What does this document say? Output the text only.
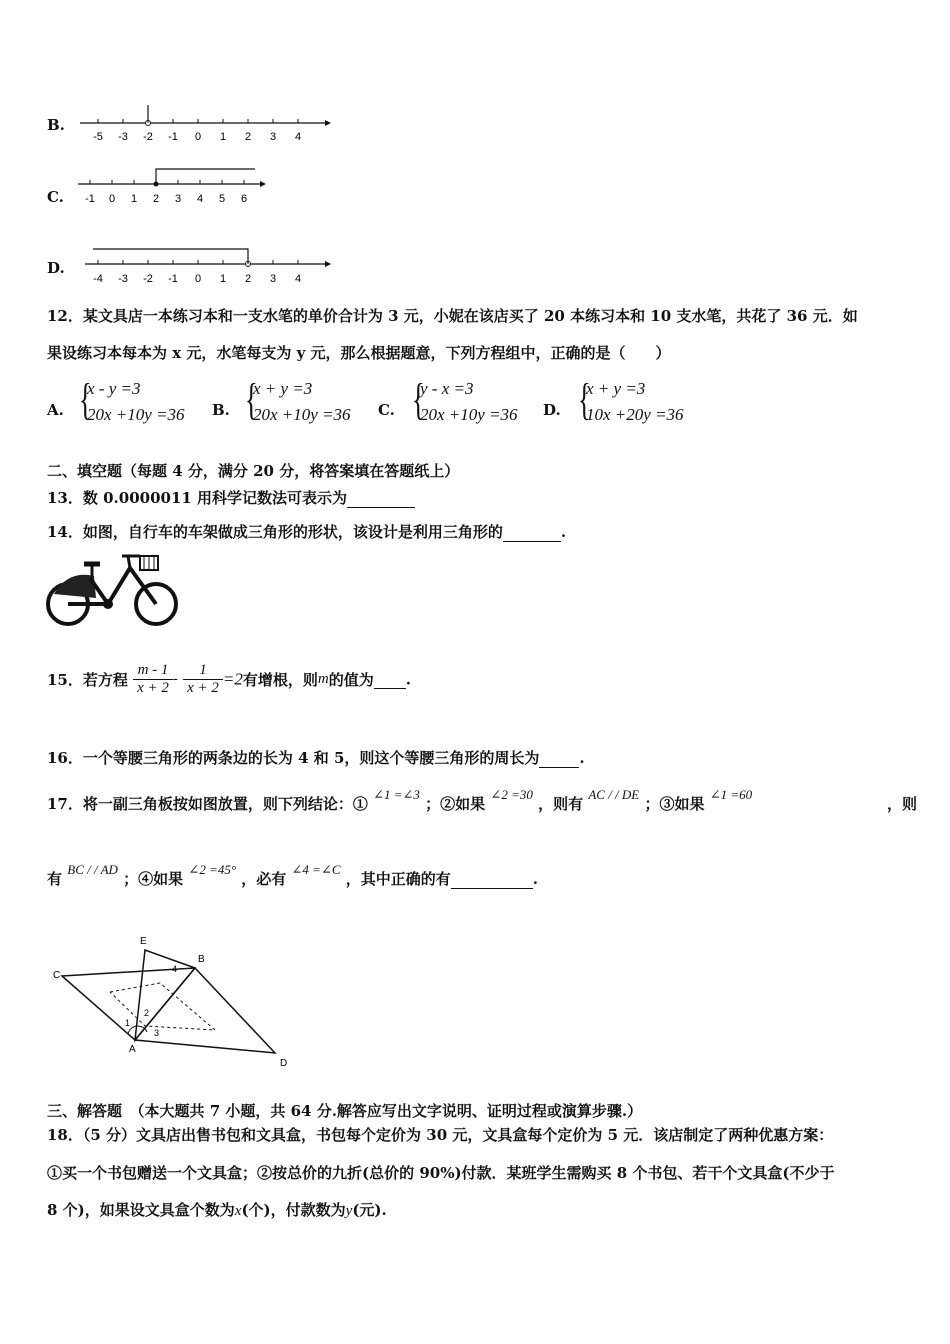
B.
-5 -3 -2 -1 0 1 2 3 4
C. -1 0 1 2 3 4 5 6
D.
-4 -3 -2 -1 0 1 2 3 4
12．某文具店一本练习本和一支水笔的单价合计为 3 元，小妮在该店买了 20 本练习本和 10 支水笔，共花了 36 元．如
果设练习本每本为 x 元，水笔每支为 y 元，那么根据题意，下列方程组中，正确的是（　　）
A. {
x - y =3
20x +10y =36 B. {
x + y =3
20x +10y =36 C. {
y - x =3
20x +10y =36 D. {
x + y =3
10x +20y =36
二、填空题（每题 4 分，满分 20 分，将答案填在答题纸上）
13．数 0.0000011 用科学记数法可表示为
14．如图，自行车的车架做成三角形的形状，该设计是利用三角形的	.
15．若方程 $\frac{m - 1}{x + 2} - \frac{1}{x + 2} =2$有增根，则m的值为 .
16．一个等腰三角形的两条边的长为 4 和 5，则这个等腰三角形的周长为	.
17．将一副三角板按如图放置，则下列结论：① ∠1 =∠3 ；②如果 ∠2 =30 ，则有 AC / / DE ；③如果 ∠1 =60
，则
有 BC / / AD ；④如果 ∠2 =45° ，必有 ∠4 =∠C ，其中正确的有	.
E
B
C
A
D
1
2
3
4
三、解答题　（本大题共 7 小题，共 64 分.解答应写出文字说明、证明过程或演算步骤.）
18．（5 分）文具店出售书包和文具盒，书包每个定价为 30 元，文具盒每个定价为 5 元．该店制定了两种优惠方案：
①买一个书包赠送一个文具盒；②按总价的九折(总价的 90%)付款．某班学生需购买 8 个书包、若干个文具盒(不少于
8 个)，如果设文具盒个数为x(个)，付款数为y(元).
